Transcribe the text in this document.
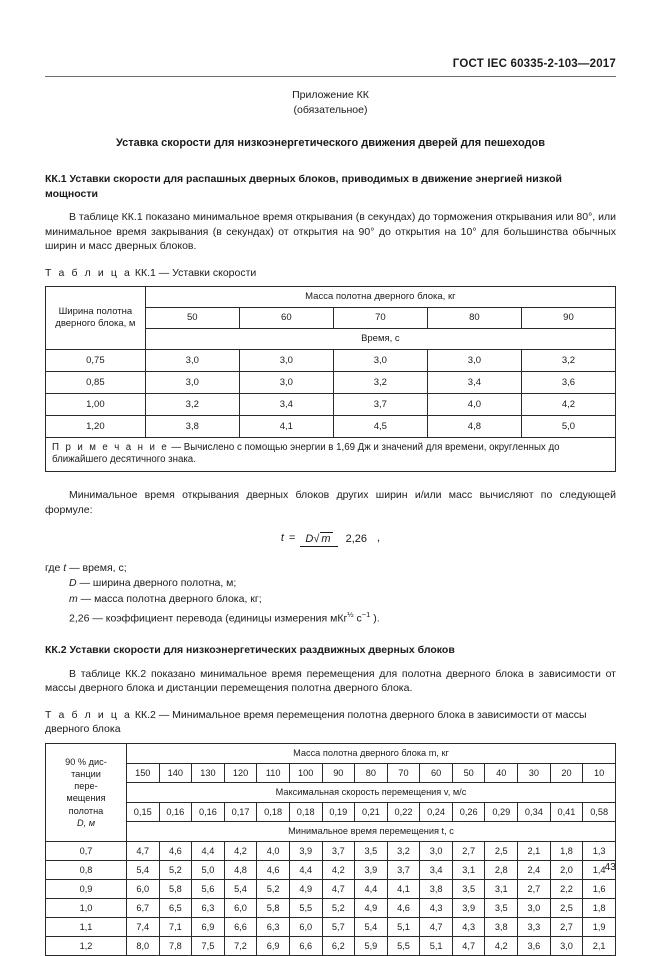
ГОСТ IEC 60335-2-103—2017
Приложение КК
(обязательное)
Уставка скорости для низкоэнергетического движения дверей для пешеходов
КК.1 Уставки скорости для распашных дверных блоков, приводимых в движение энергией низкой мощности
В таблице КК.1 показано минимальное время открывания (в секундах) до торможения открывания или 80°, или минимальное время закрывания (в секундах) от открытия на 90° до открытия на 10° для большинства обычных ширин и масс дверных блоков.
Т а б л и ц а КК.1 — Уставки скорости
Ширина полотна дверного блока, м	Масса полотна дверного блока, кг				
	50	60	70	80	90
	Время, с				
0,75	3,0	3,0	3,0	3,0	3,2
0,85	3,0	3,0	3,2	3,4	3,6
1,00	3,2	3,4	3,7	4,0	4,2
1,20	3,8	4,1	4,5	4,8	5,0
П р и м е ч а н и е — Вычислено с помощью энергии в 1,69 Дж и значений для времени, округленных до ближайшего десятичного знака.					
Минимальное время открывания дверных блоков других ширин и/или масс вычисляют по следующей формуле:
t = D√ m 2,26 ,
где t — время, с;
D — ширина дверного полотна, м;
m — масса полотна дверного блока, кг;
2,26 — коэффициент перевода (единицы измерения мКг$^{\frac{1}{2}}$ $с^{-1}$ ).
КК.2 Уставки скорости для низкоэнергетических раздвижных дверных блоков
В таблице КК.2 показано минимальное время перемещения для полотна дверного блока в зависимости от массы дверного блока и дистанции перемещения полотна дверного блока.
Т а б л и ц а КК.2 — Минимальное время перемещения полотна дверного блока в зависимости от массы дверного блока
90 % дис-
танции
пере-
мещения
полотна
D, м
	Масса полотна дверного блока m, кг
	150	140	130	120	110	100	90	80	70	60	50	40	30	20	10
	Максимальная скорость перемещения v, м/с														
	0,15	0,16	0,16	0,17	0,18	0,18	0,19	0,21	0,22	0,24	0,26	0,29	0,34	0,41	0,58
	Минимальное время перемещения t, с														
0,7	4,7	4,6	4,4	4,2	4,0	3,9	3,7	3,5	3,2	3,0	2,7	2,5	2,1	1,8	1,3
0,8	5,4	5,2	5,0	4,8	4,6	4,4	4,2	3,9	3,7	3,4	3,1	2,8	2,4	2,0	1,4
0,9	6,0	5,8	5,6	5,4	5,2	4,9	4,7	4,4	4,1	3,8	3,5	3,1	2,7	2,2	1,6
1,0	6,7	6,5	6,3	6,0	5,8	5,5	5,2	4,9	4,6	4,3	3,9	3,5	3,0	2,5	1,8
1,1	7,4	7,1	6,9	6,6	6,3	6,0	5,7	5,4	5,1	4,7	4,3	3,8	3,3	2,7	1,9
1,2	8,0	7,8	7,5	7,2	6,9	6,6	6,2	5,9	5,5	5,1	4,7	4,2	3,6	3,0	2,1
43
